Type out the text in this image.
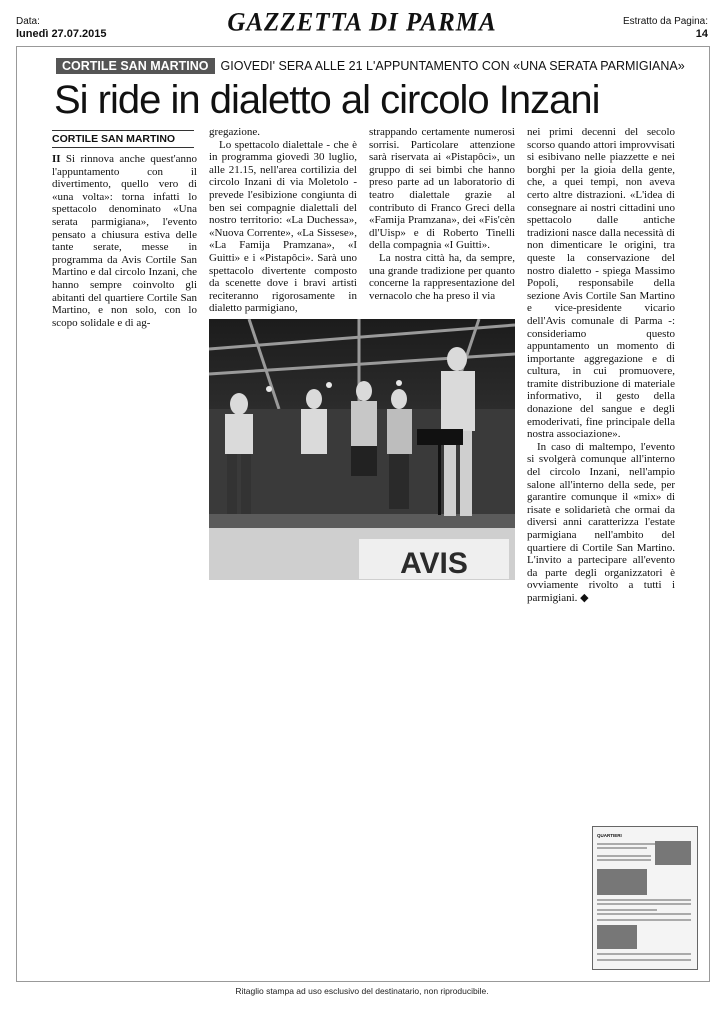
Data:
lunedì 27.07.2015	GAZZETTA DI PARMA	Estratto da Pagina:
14
CORTILE SAN MARTINO GIOVEDI' SERA ALLE 21 L'APPUNTAMENTO CON «UNA SERATA PARMIGIANA»
Si ride in dialetto al circolo Inzani
CORTILE SAN MARTINO

II Si rinnova anche quest'anno l'appuntamento con il divertimento, quello vero di «una volta»: torna infatti lo spettacolo denominato «Una serata parmigiana», l'evento pensato a chiusura estiva delle tante serate, messe in programma da Avis Cortile San Martino e dal circolo Inzani, che hanno sempre coinvolto gli abitanti del quartiere Cortile San Martino, e non solo, con lo scopo solidale e di ag-

gregazione.

Lo spettacolo dialettale - che è in programma giovedì 30 luglio, alle 21.15, nell'area cortilizia del circolo Inzani di via Moletolo - prevede l'esibizione congiunta di ben sei compagnie dialettali del nostro territorio: «La Duchessa», «Nuova Corrente», «La Sissese», «La Famija Pramzana», «I Guitti» e i «Pistapôci». Sarà uno spettacolo divertente composto da scenette dove i bravi artisti reciteranno rigorosamente in dialetto parmigiano,

strappando certamente numerosi sorrisi. Particolare attenzione sarà riservata ai «Pistapôci», un gruppo di sei bimbi che hanno preso parte ad un laboratorio di teatro dialettale grazie al contributo di Franco Greci della «Famija Pramzana», dei «Fis'cèn dl'Uisp» e di Roberto Tinelli della compagnia «I Guitti».

La nostra città ha, da sempre, una grande tradizione per quanto concerne la rappresentazione del vernacolo che ha preso il via

nei primi decenni del secolo scorso quando attori improvvisati si esibivano nelle piazzette e nei borghi per la gioia della gente, che, a quei tempi, non aveva certo altre distrazioni. «L'idea di consegnare ai nostri cittadini uno spettacolo dalle antiche tradizioni nasce dalla necessità di non dimenticare le origini, tra queste la conservazione del nostro dialetto - spiega Massimo Popoli, responsabile della sezione Avis Cortile San Martino e vice-presidente vicario dell'Avis comunale di Parma -: consideriamo questo appuntamento un momento di importante aggregazione e di cultura, in cui promuovere, tramite distribuzione di materiale informativo, il gesto della donazione del sangue e degli emoderivati, fine principale della nostra associazione».

In caso di maltempo, l'evento si svolgerà comunque all'interno del circolo Inzani, nell'ampio salone all'interno della sede, per garantire comunque il «mix» di risate e solidarietà che ormai da diversi anni caratterizza l'estate parmigiana nell'ambito del quartiere di Cortile San Martino. L'invito a partecipare all'evento da parte degli organizzatori è ovviamente rivolto a tutti i parmigiani. ◆

AVIS
QUARTIERI
Ritaglio stampa ad uso esclusivo del destinatario, non riproducibile.
